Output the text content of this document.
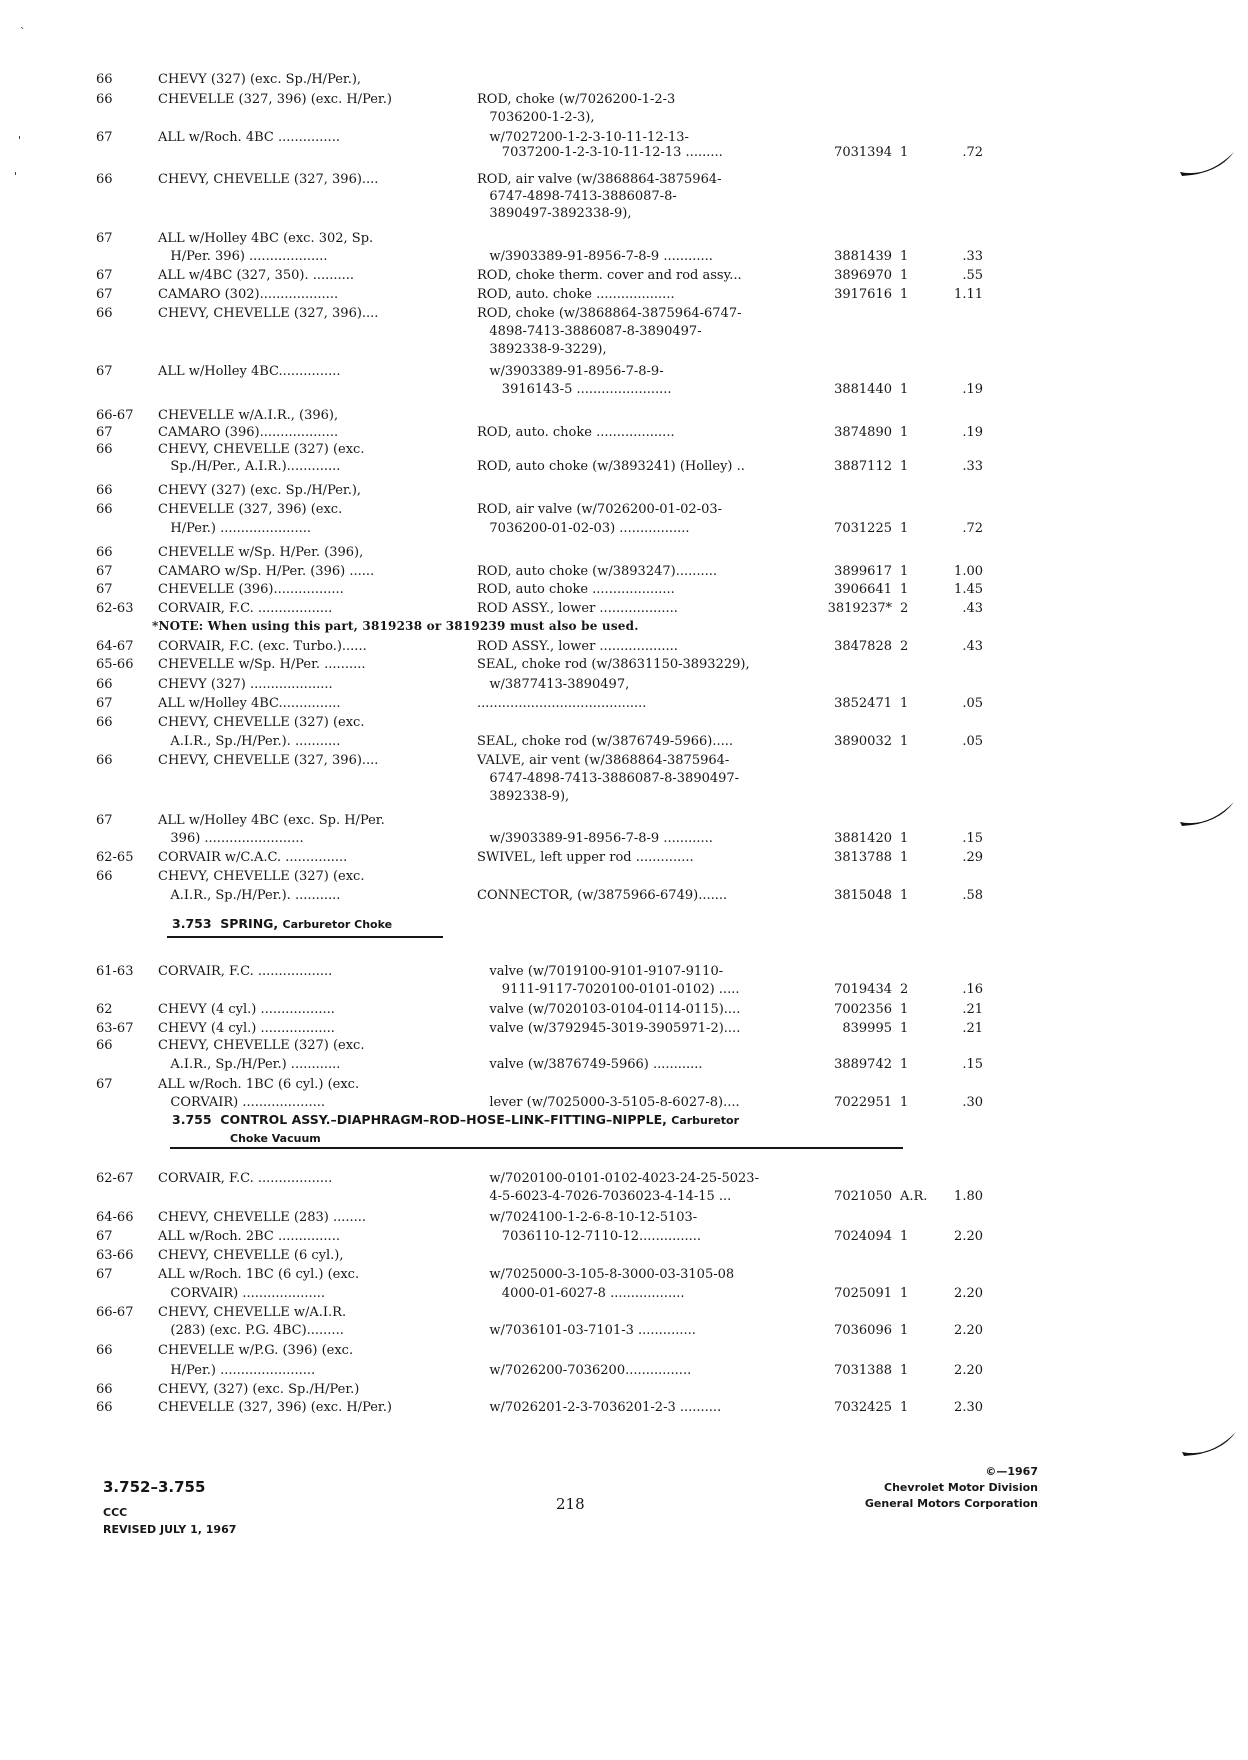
66	CHEVY (327) (exc. Sp./H/Per.),
66	CHEVELLE (327, 396) (exc. H/Per.)	ROD, choke (w/7026200-1-2-3
7036200-1-2-3),
67	ALL w/Roch. 4BC ...............	w/7027200-1-2-3-10-11-12-13-
7037200-1-2-3-10-11-12-13 .........	7031394 1	.72
66	CHEVY, CHEVELLE (327, 396)....	ROD, air valve (w/3868864-3875964-
6747-4898-7413-3886087-8-
3890497-3892338-9),
67	ALL w/Holley 4BC (exc. 302, Sp.
H/Per. 396) ...................	w/3903389-91-8956-7-8-9 ............	3881439 1	.33
67	ALL w/4BC (327, 350). ..........	ROD, choke therm. cover and rod assy...	3896970 1	.55
67	CAMARO (302)...................	ROD, auto. choke ...................	3917616 1	1.11
66	CHEVY, CHEVELLE (327, 396)....	ROD, choke (w/3868864-3875964-6747-
4898-7413-3886087-8-3890497-
3892338-9-3229),
67	ALL w/Holley 4BC...............	w/3903389-91-8956-7-8-9-
3916143-5 .......................	3881440 1	.19
66-67 CHEVELLE w/A.I.R., (396),
67	CAMARO (396)...................	ROD, auto. choke ...................	3874890 1	.19
66	CHEVY, CHEVELLE (327) (exc.
Sp./H/Per., A.I.R.).............	ROD, auto choke (w/3893241) (Holley) ..	3887112 1	.33
66	CHEVY (327) (exc. Sp./H/Per.),
66	CHEVELLE (327, 396) (exc.	ROD, air valve (w/7026200-01-02-03-
H/Per.) ......................	7036200-01-02-03) .................	7031225 1	.72
66	CHEVELLE w/Sp. H/Per. (396),
67	CAMARO w/Sp. H/Per. (396) ......	ROD, auto choke (w/3893247)..........	3899617 1	1.00
67	CHEVELLE (396).................	ROD, auto choke ....................	3906641 1	1.45
62-63 CORVAIR, F.C. ..................	ROD ASSY., lower ...................	3819237* 2	.43
64-67 CORVAIR, F.C. (exc. Turbo.)......	ROD ASSY., lower ...................	3847828 2	.43
65-66 CHEVELLE w/Sp. H/Per. ..........	SEAL, choke rod (w/38631150-3893229),
66	CHEVY (327) ....................	w/3877413-3890497,
67	ALL w/Holley 4BC...............	.........................................	3852471 1	.05
66	CHEVY, CHEVELLE (327) (exc.
A.I.R., Sp./H/Per.). ...........	SEAL, choke rod (w/3876749-5966).....	3890032 1	.05
66	CHEVY, CHEVELLE (327, 396)....	VALVE, air vent (w/3868864-3875964-
6747-4898-7413-3886087-8-3890497-
3892338-9),
67	ALL w/Holley 4BC (exc. Sp. H/Per.
396) ........................	w/3903389-91-8956-7-8-9 ............	3881420 1	.15
62-65 CORVAIR w/C.A.C. ...............	SWIVEL, left upper rod ..............	3813788 1	.29
66	CHEVY, CHEVELLE (327) (exc.
A.I.R., Sp./H/Per.). ...........	CONNECTOR, (w/3875966-6749).......	3815048 1	.58
61-63 CORVAIR, F.C. ..................	valve (w/7019100-9101-9107-9110-
9111-9117-7020100-0101-0102) .....	7019434 2	.16
62	CHEVY (4 cyl.) ..................	valve (w/7020103-0104-0114-0115)....	7002356 1	.21
63-67 CHEVY (4 cyl.) ..................	valve (w/3792945-3019-3905971-2)....	839995 1	.21
66	CHEVY, CHEVELLE (327) (exc.
A.I.R., Sp./H/Per.) ............	valve (w/3876749-5966) ............	3889742 1	.15
67	ALL w/Roch. 1BC (6 cyl.) (exc.
CORVAIR) ....................	lever (w/7025000-3-5105-8-6027-8)....	7022951 1	.30
62-67 CORVAIR, F.C. ..................	w/7020100-0101-0102-4023-24-25-5023-
4-5-6023-4-7026-7036023-4-14-15 ...	7021050 A.R. 1.80
64-66 CHEVY, CHEVELLE (283) ........	w/7024100-1-2-6-8-10-12-5103-
67	ALL w/Roch. 2BC ...............	7036110-12-7110-12...............	7024094 1	2.20
63-66 CHEVY, CHEVELLE (6 cyl.),
67	ALL w/Roch. 1BC (6 cyl.) (exc.	w/7025000-3-105-8-3000-03-3105-08
CORVAIR) ....................	4000-01-6027-8 ..................	7025091 1	2.20
66-67 CHEVY, CHEVELLE w/A.I.R.
(283) (exc. P.G. 4BC).........	w/7036101-03-7101-3 ..............	7036096 1	2.20
66	CHEVELLE w/P.G. (396) (exc.
H/Per.) .......................	w/7026200-7036200................	7031388 1	2.20
66	CHEVY, (327) (exc. Sp./H/Per.)
66	CHEVELLE (327, 396) (exc. H/Per.)	w/7026201-2-3-7036201-2-3 ..........	7032425 1	2.30
*NOTE: When using this part, 3819238 or 3819239 must also be used.
3.753 SPRING, Carburetor Choke
3.755 CONTROL ASSY.–DIAPHRAGM–ROD–HOSE–LINK–FITTING–NIPPLE, Carburetor
Choke Vacuum
3.752–3.755
CCC
REVISED JULY 1, 1967
218
©—1967
Chevrolet Motor Division
General Motors Corporation
`
'
'
